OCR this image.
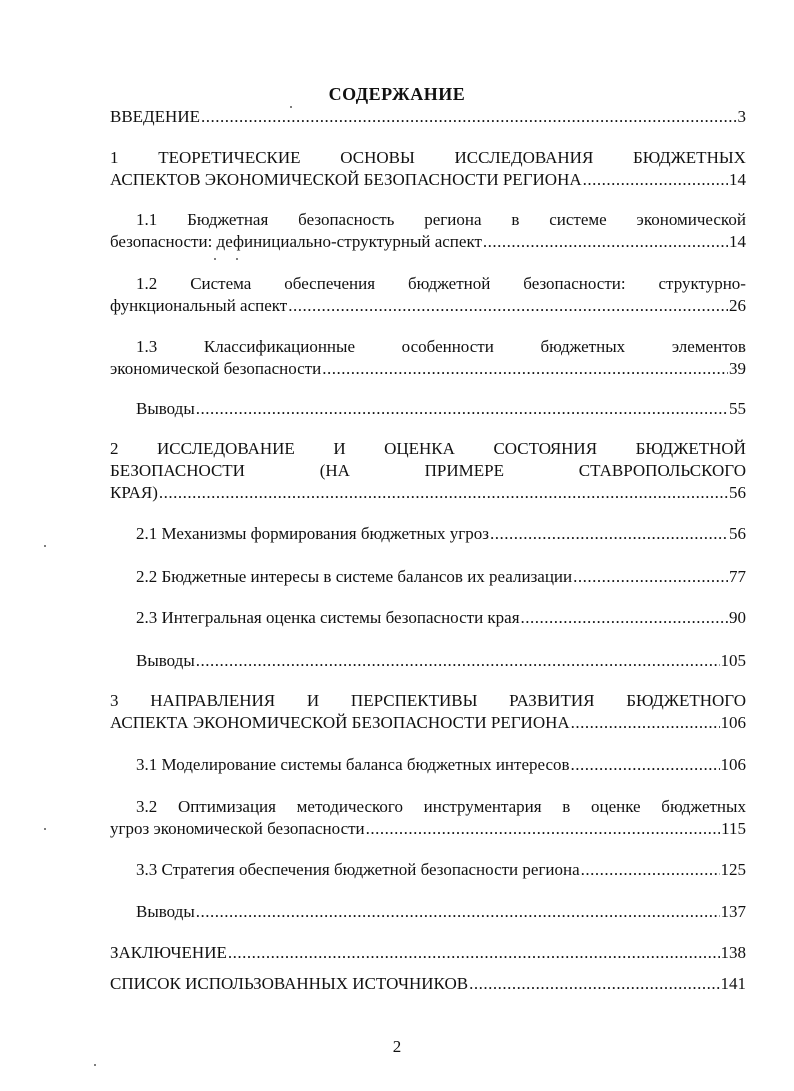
СОДЕРЖАНИЕ
ВВЕДЕНИЕ .....	3
1 ТЕОРЕТИЧЕСКИЕ ОСНОВЫ ИССЛЕДОВАНИЯ БЮДЖЕТНЫХ
АСПЕКТОВ ЭКОНОМИЧЕСКОЙ БЕЗОПАСНОСТИ РЕГИОНА .....	14
1.1 Бюджетная безопасность региона в системе экономической
безопасности: дефинициально-структурный аспект .....	14
1.2 Система обеспечения бюджетной безопасности: структурно-
функциональный аспект .....	26
1.3	Классификационные	особенности	бюджетных	элементов
экономической безопасности .....	39
Выводы .....	55
2 ИССЛЕДОВАНИЕ И ОЦЕНКА СОСТОЯНИЯ БЮДЖЕТНОЙ
БЕЗОПАСНОСТИ	(НА	ПРИМЕРЕ	СТАВРОПОЛЬСКОГО
КРАЯ) .....	56
2.1 Механизмы формирования бюджетных угроз .....	56
2.2 Бюджетные интересы в системе балансов их реализации .....	77
2.3 Интегральная оценка системы безопасности края .....	90
Выводы .....	105
3 НАПРАВЛЕНИЯ И ПЕРСПЕКТИВЫ РАЗВИТИЯ БЮДЖЕТНОГО
АСПЕКТА ЭКОНОМИЧЕСКОЙ БЕЗОПАСНОСТИ РЕГИОНА .....	106
3.1 Моделирование системы баланса бюджетных интересов .....	106
3.2 Оптимизация методического инструментария в оценке бюджетных
угроз экономической безопасности .....	115
3.3 Стратегия обеспечения бюджетной безопасности региона .....	125
Выводы .....	137
ЗАКЛЮЧЕНИЕ .....	138
СПИСОК ИСПОЛЬЗОВАННЫХ ИСТОЧНИКОВ .....	141
2
